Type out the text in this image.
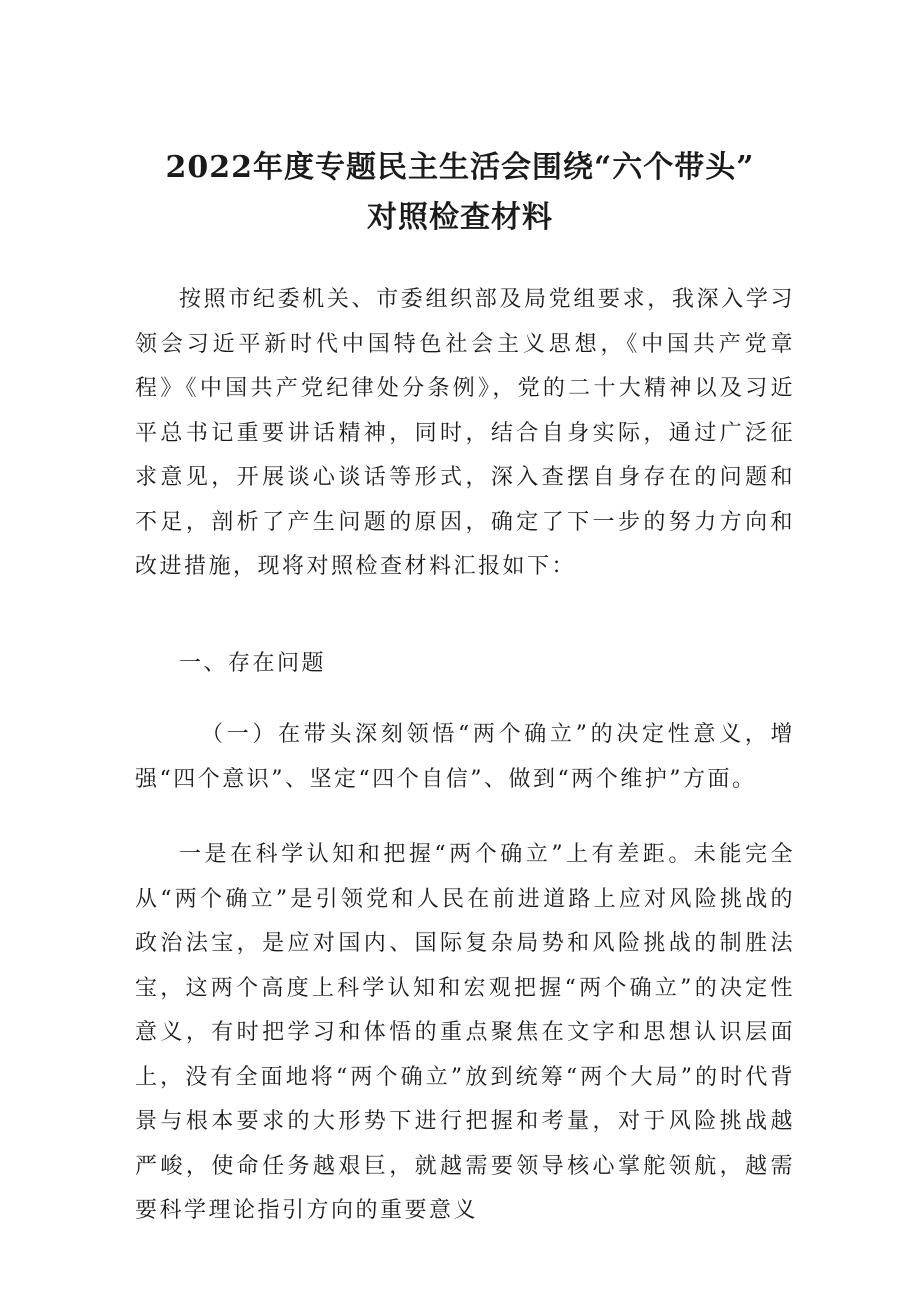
2022年度专题民主生活会围绕“六个带头”
对照检查材料

按照市纪委机关、市委组织部及局党组要求，我深入学习领会习近平新时代中国特色社会主义思想，《中国共产党章程》《中国共产党纪律处分条例》，党的二十大精神以及习近平总书记重要讲话精神，同时，结合自身实际，通过广泛征求意见，开展谈心谈话等形式，深入查摆自身存在的问题和不足，剖析了产生问题的原因，确定了下一步的努力方向和改进措施，现将对照检查材料汇报如下：

一、存在问题

（一）在带头深刻领悟“两个确立”的决定性意义，增强“四个意识”、坚定“四个自信”、做到“两个维护”方面。

一是在科学认知和把握“两个确立”上有差距。未能完全从“两个确立”是引领党和人民在前进道路上应对风险挑战的政治法宝，是应对国内、国际复杂局势和风险挑战的制胜法宝，这两个高度上科学认知和宏观把握“两个确立”的决定性意义，有时把学习和体悟的重点聚焦在文字和思想认识层面上，没有全面地将“两个确立”放到统筹“两个大局”的时代背景与根本要求的大形势下进行把握和考量，对于风险挑战越严峻，使命任务越艰巨，就越需要领导核心掌舵领航，越需要科学理论指引方向的重要意义
